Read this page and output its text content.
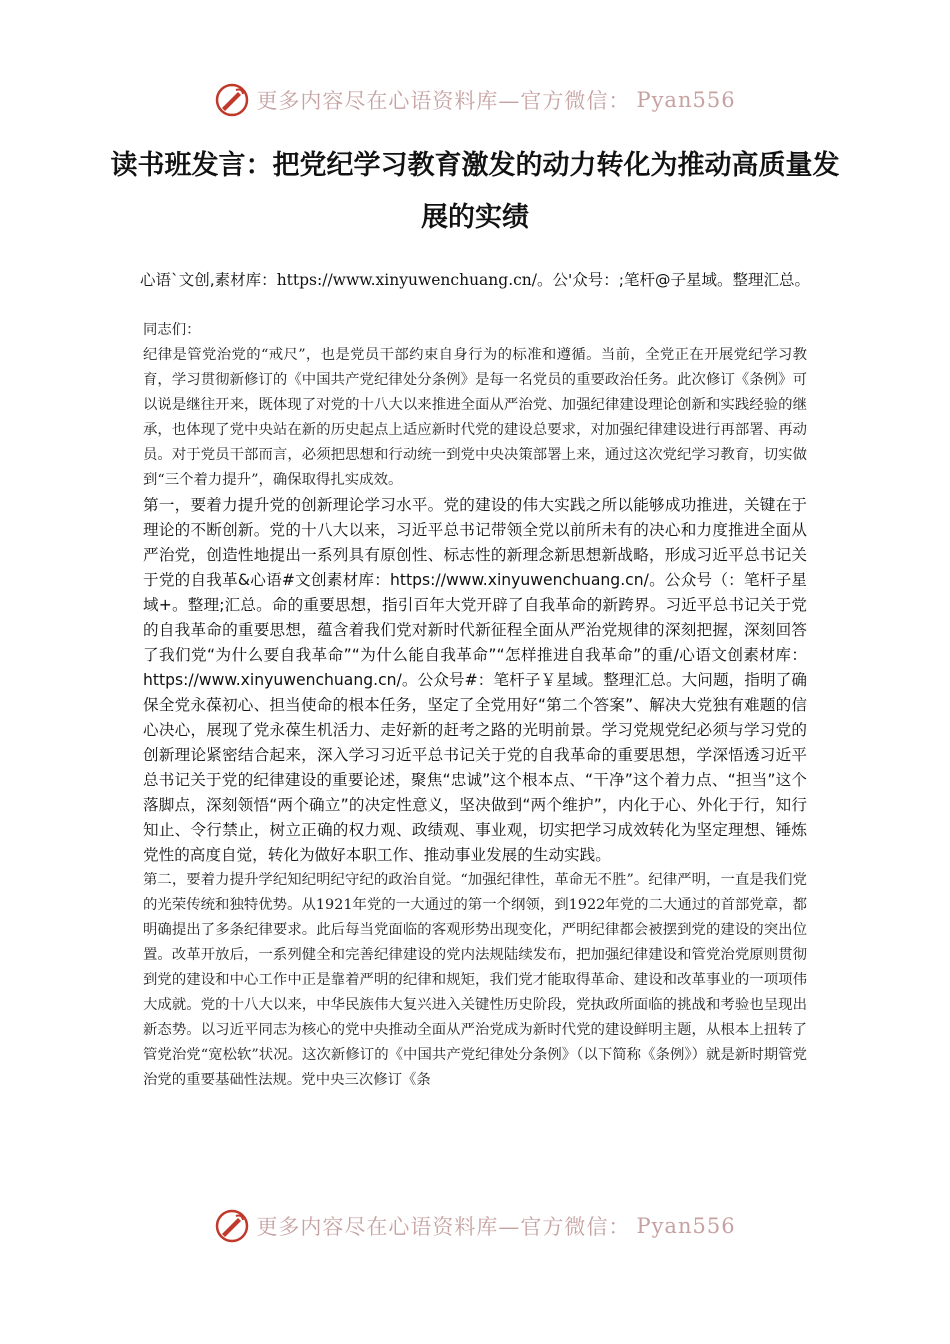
更多内容尽在心语资料库—官方微信： Pyan556
读书班发言：把党纪学习教育激发的动力转化为推动高质量发展的实绩
心语`文创,素材库：https://www.xinyuwenchuang.cn/。公'众号：;笔杆@子星域。整理汇总。

同志们：

纪律是管党治党的“戒尺”，也是党员干部约束自身行为的标准和遵循。当前，全党正在开展党纪学习教育，学习贯彻新修订的《中国共产党纪律处分条例》是每一名党员的重要政治任务。此次修订《条例》可以说是继往开来，既体现了对党的十八大以来推进全面从严治党、加强纪律建设理论创新和实践经验的继承，也体现了党中央站在新的历史起点上适应新时代党的建设总要求，对加强纪律建设进行再部署、再动员。对于党员干部而言，必须把思想和行动统一到党中央决策部署上来，通过这次党纪学习教育，切实做到“三个着力提升”，确保取得扎实成效。

第一，要着力提升党的创新理论学习水平。党的建设的伟大实践之所以能够成功推进，关键在于理论的不断创新。党的十八大以来，习近平总书记带领全党以前所未有的决心和力度推进全面从严治党，创造性地提出一系列具有原创性、标志性的新理念新思想新战略，形成习近平总书记关于党的自我革&心语#文创素材库：https://www.xinyuwenchuang.cn/。公众号（：笔杆子星域+。整理;汇总。命的重要思想，指引百年大党开辟了自我革命的新跨界。习近平总书记关于党的自我革命的重要思想，蕴含着我们党对新时代新征程全面从严治党规律的深刻把握，深刻回答了我们党“为什么要自我革命”“为什么能自我革命”“怎样推进自我革命”的重/心语文创素材库：https://www.xinyuwenchuang.cn/。公众号#：笔杆子￥星域。整理汇总。大问题，指明了确保全党永葆初心、担当使命的根本任务，坚定了全党用好“第二个答案”、解决大党独有难题的信心决心，展现了党永葆生机活力、走好新的赶考之路的光明前景。学习党规党纪必须与学习党的创新理论紧密结合起来，深入学习习近平总书记关于党的自我革命的重要思想，学深悟透习近平总书记关于党的纪律建设的重要论述，聚焦“忠诚”这个根本点、“干净”这个着力点、“担当”这个落脚点，深刻领悟“两个确立”的决定性意义，坚决做到“两个维护”，内化于心、外化于行，知行知止、令行禁止，树立正确的权力观、政绩观、事业观，切实把学习成效转化为坚定理想、锤炼党性的高度自觉，转化为做好本职工作、推动事业发展的生动实践。

第二，要着力提升学纪知纪明纪守纪的政治自觉。“加强纪律性，革命无不胜”。纪律严明，一直是我们党的光荣传统和独特优势。从1921年党的一大通过的第一个纲领，到1922年党的二大通过的首部党章，都明确提出了多条纪律要求。此后每当党面临的客观形势出现变化，严明纪律都会被摆到党的建设的突出位置。改革开放后，一系列健全和完善纪律建设的党内法规陆续发布，把加强纪律建设和管党治党原则贯彻到党的建设和中心工作中正是靠着严明的纪律和规矩，我们党才能取得革命、建设和改革事业的一项项伟大成就。党的十八大以来，中华民族伟大复兴进入关键性历史阶段，党执政所面临的挑战和考验也呈现出新态势。以习近平同志为核心的党中央推动全面从严治党成为新时代党的建设鲜明主题，从根本上扭转了管党治党“宽松软”状况。这次新修订的《中国共产党纪律处分条例》（以下简称《条例》）就是新时期管党治党的重要基础性法规。党中央三次修订《条

更多内容尽在心语资料库—官方微信： Pyan556
